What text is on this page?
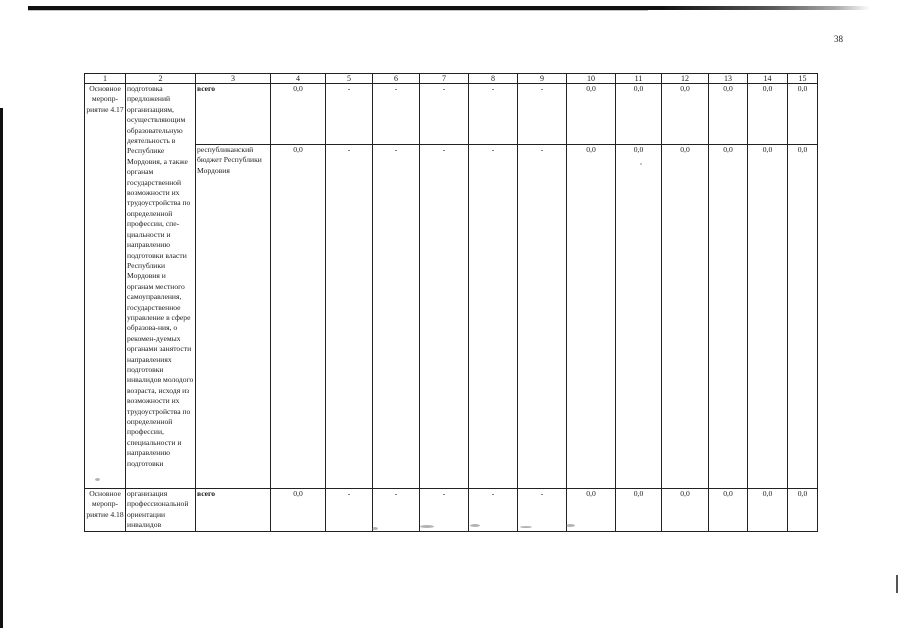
38
1	2	3	4	5	6	7	8	9	10	11	12	13	14	15
Основное меропр-риятие 4.17	подготовка предложений организациям, осуществляющим образовательную деятельность в Республике Мордовия, а также органам государственной возможности их трудоустройства по определенной профессии, спе-циальности и направлению подготовки власти Республики Мордовия и органам местного самоуправления, государственное управление в сфере образова-ния, о рекомен-дуемых органами занятости направлениях подготовки инвалидов молодого возраста, исходя из возможности их трудоустройства по определенной профессии, специальности и направлению подготовки	всего	0,0	-	-	-	-	-	0,0	0,0	0,0	0,0	0,0	0,0
		республиканский бюджет Республики Мордовия	0,0	-	-	-	-	-	0,0	0,0	0,0	0,0	0,0	0,0
Основное меропр-риятие 4.18	организация профессиональной ориентации инвалидов	всего	0,0	-	-	-	-	-	0,0	0,0	0,0	0,0	0,0	0,0
